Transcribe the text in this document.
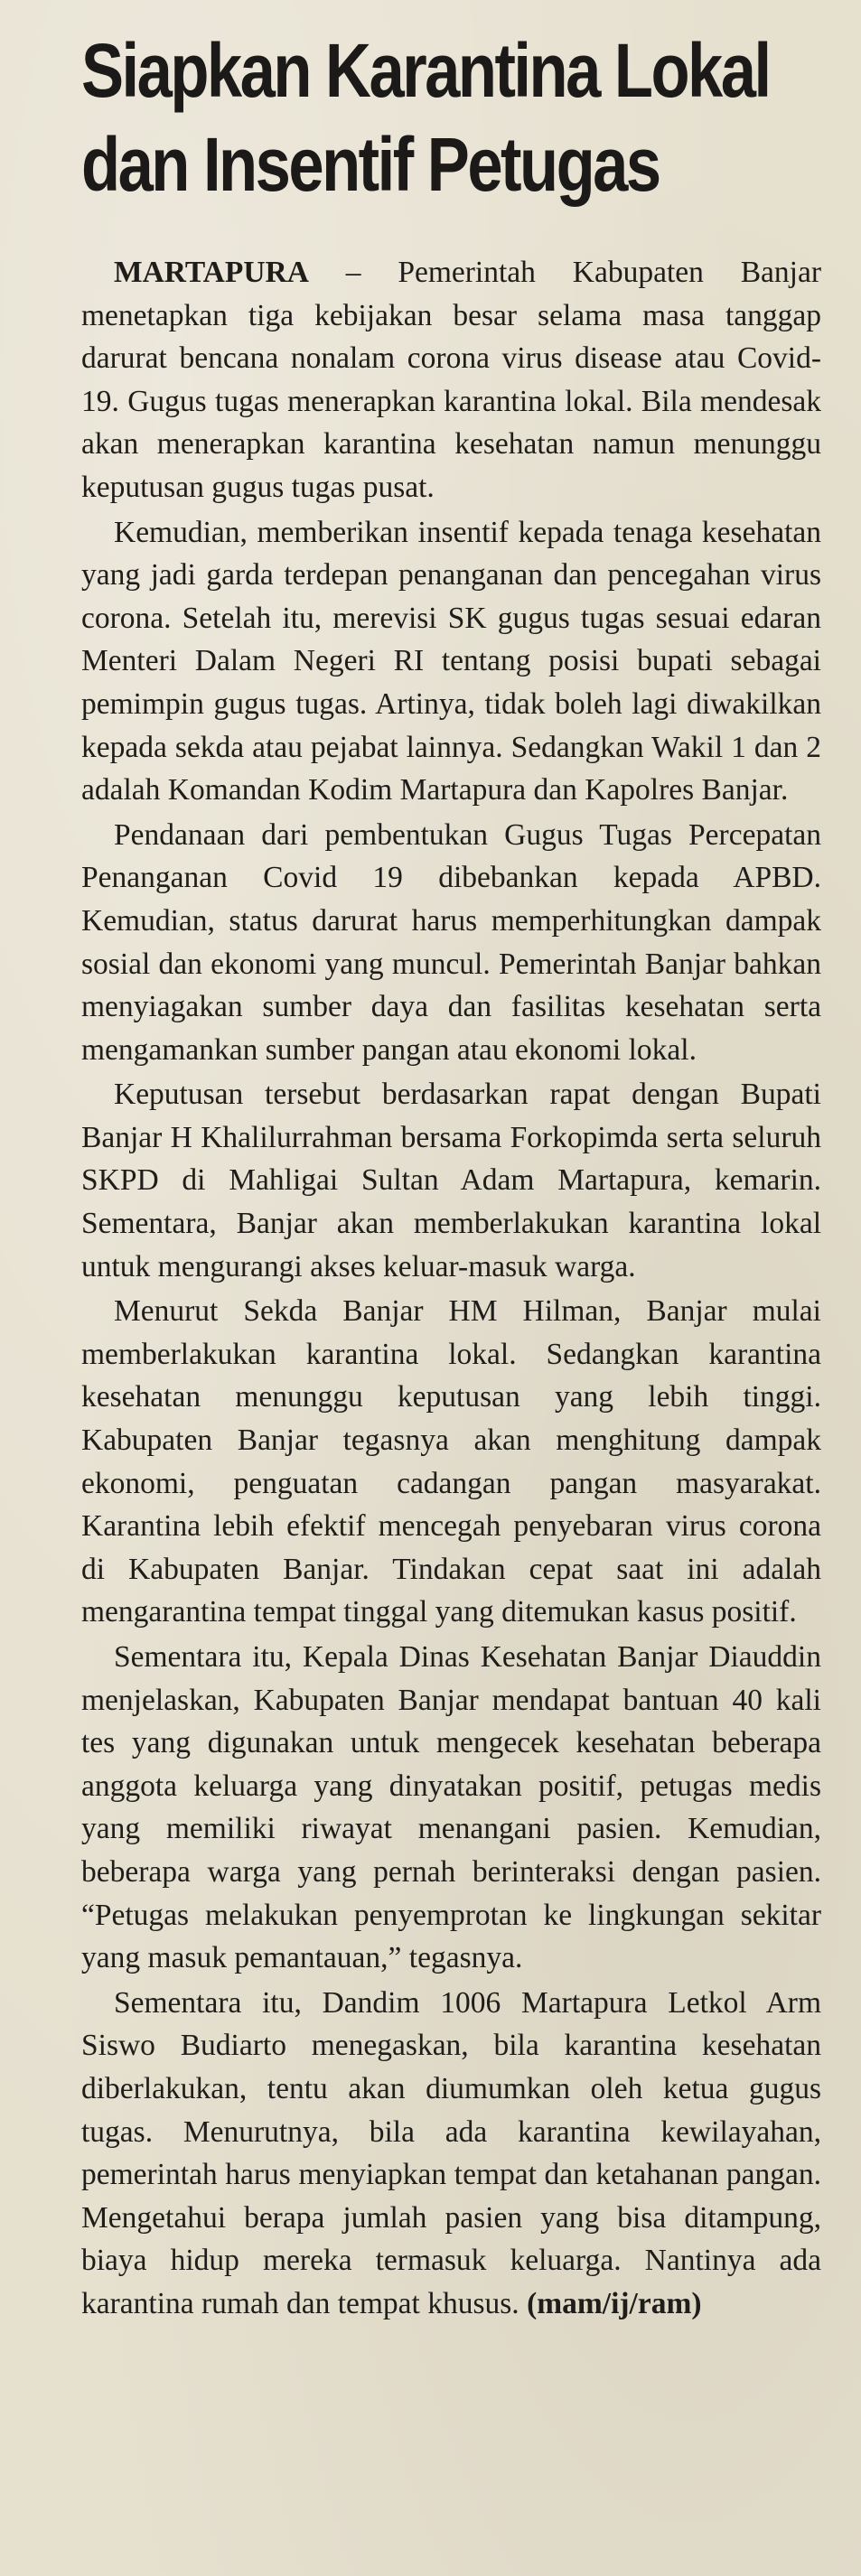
Siapkan Karantina Lokal
dan Insentif Petugas

MARTAPURA – Pemerintah Kabupaten Banjar menetapkan tiga kebijakan besar selama masa tanggap darurat bencana nonalam corona virus disease atau Covid-19. Gugus tugas menerapkan karantina lokal. Bila mendesak akan menerapkan karantina kesehatan namun menunggu keputusan gugus tugas pusat.

Kemudian, memberikan insentif kepada tenaga kesehatan yang jadi garda terdepan penanganan dan pencegahan virus corona. Setelah itu, merevisi SK gugus tugas sesuai edaran Menteri Dalam Negeri RI tentang posisi bupati sebagai pemimpin gugus tugas. Artinya, tidak boleh lagi diwakilkan kepada sekda atau pejabat lainnya. Sedangkan Wakil 1 dan 2 adalah Komandan Kodim Martapura dan Kapolres Banjar.

Pendanaan dari pembentukan Gugus Tugas Percepatan Penanganan Covid 19 dibebankan kepada APBD. Kemudian, status darurat harus memperhitungkan dampak sosial dan ekonomi yang muncul. Pemerintah Banjar bahkan menyiagakan sumber daya dan fasilitas kesehatan serta mengamankan sumber pangan atau ekonomi lokal.

Keputusan tersebut berdasarkan rapat dengan Bupati Banjar H Khalilurrahman bersama Forkopimda serta seluruh SKPD di Mahligai Sultan Adam Martapura, kemarin. Sementara, Banjar akan memberlakukan karantina lokal untuk mengurangi akses keluar-masuk warga.

Menurut Sekda Banjar HM Hilman, Banjar mulai memberlakukan karantina lokal. Sedangkan karantina kesehatan menunggu keputusan yang lebih tinggi. Kabupaten Banjar tegasnya akan menghitung dampak ekonomi, penguatan cadangan pangan masyarakat. Karantina lebih efektif mencegah penyebaran virus corona di Kabupaten Banjar. Tindakan cepat saat ini adalah mengarantina tempat tinggal yang ditemukan kasus positif.

Sementara itu, Kepala Dinas Kesehatan Banjar Diauddin menjelaskan, Kabupaten Banjar mendapat bantuan 40 kali tes yang digunakan untuk mengecek kesehatan beberapa anggota keluarga yang dinyatakan positif, petugas medis yang memiliki riwayat menangani pasien. Kemudian, beberapa warga yang pernah berinteraksi dengan pasien. “Petugas melakukan penyemprotan ke lingkungan sekitar yang masuk pemantauan,” tegasnya.

Sementara itu, Dandim 1006 Martapura Letkol Arm Siswo Budiarto menegaskan, bila karantina kesehatan diberlakukan, tentu akan diumumkan oleh ketua gugus tugas. Menurutnya, bila ada karantina kewilayahan, pemerintah harus menyiapkan tempat dan ketahanan pangan. Mengetahui berapa jumlah pasien yang bisa ditampung, biaya hidup mereka termasuk keluarga. Nantinya ada karantina rumah dan tempat khusus. (mam/ij/ram)
